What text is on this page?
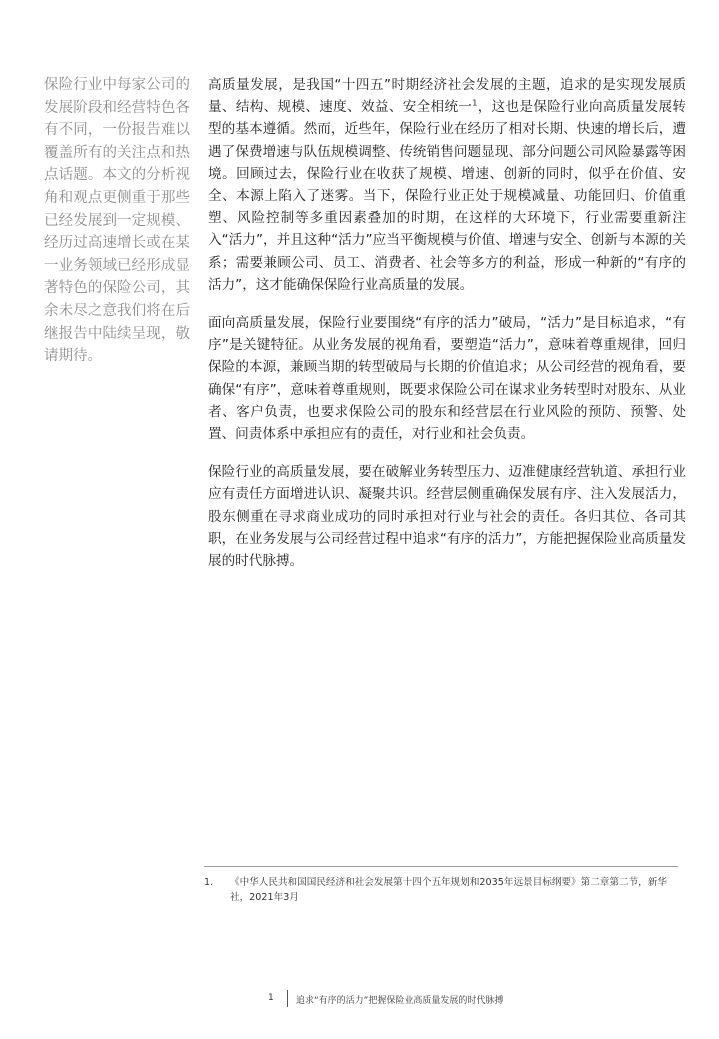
保险行业中每家公司的发展阶段和经营特色各有不同，一份报告难以覆盖所有的关注点和热点话题。本文的分析视角和观点更侧重于那些已经发展到一定规模、经历过高速增长或在某一业务领域已经形成显著特色的保险公司，其余未尽之意我们将在后继报告中陆续呈现，敬请期待。

高质量发展，是我国“十四五”时期经济社会发展的主题，追求的是实现发展质量、结构、规模、速度、效益、安全相统一$^1$，这也是保险行业向高质量发展转型的基本遵循。然而，近些年，保险行业在经历了相对长期、快速的增长后，遭遇了保费增速与队伍规模调整、传统销售问题显现、部分问题公司风险暴露等困境。回顾过去，保险行业在收获了规模、增速、创新的同时，似乎在价值、安全、本源上陷入了迷雾。当下，保险行业正处于规模减量、功能回归、价值重塑、风险控制等多重因素叠加的时期，在这样的大环境下，行业需要重新注入“活力”，并且这种“活力”应当平衡规模与价值、增速与安全、创新与本源的关系；需要兼顾公司、员工、消费者、社会等多方的利益，形成一种新的“有序的活力”，这才能确保保险行业高质量的发展。

面向高质量发展，保险行业要围绕“有序的活力”破局，“活力”是目标追求，“有序”是关键特征。从业务发展的视角看，要塑造“活力”，意味着尊重规律，回归保险的本源，兼顾当期的转型破局与长期的价值追求；从公司经营的视角看，要确保“有序”，意味着尊重规则，既要求保险公司在谋求业务转型时对股东、从业者、客户负责，也要求保险公司的股东和经营层在行业风险的预防、预警、处置、问责体系中承担应有的责任，对行业和社会负责。

保险行业的高质量发展，要在破解业务转型压力、迈准健康经营轨道、承担行业应有责任方面增进认识、凝聚共识。经营层侧重确保发展有序、注入发展活力，股东侧重在寻求商业成功的同时承担对行业与社会的责任。各归其位、各司其职，在业务发展与公司经营过程中追求“有序的活力”，方能把握保险业高质量发展的时代脉搏。

1. 《中华人民共和国国民经济和社会发展第十四个五年规划和2035年远景目标纲要》第二章第二节，新华社，2021年3月
1 追求“有序的活力”把握保险业高质量发展的时代脉搏
